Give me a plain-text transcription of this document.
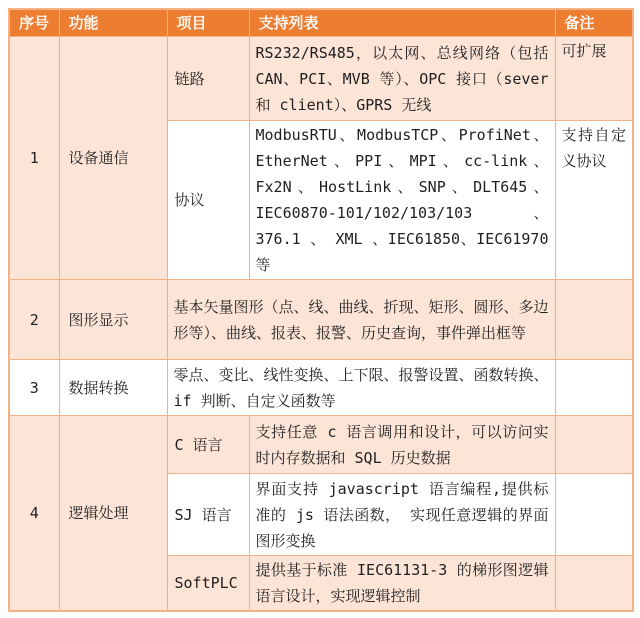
序号	功能	项目	支持列表	备注
1	设备通信	链路	RS232/RS485，以太网、总线网络（包括 CAN、PCI、MVB 等）、OPC 接口（sever 和 client）、GPRS 无线	可扩展
		协议	ModbusRTU、ModbusTCP、ProfiNet、EtherNet、PPI、MPI、cc-link、Fx2N、HostLink、SNP、DLT645、IEC60870-101/102/103/103 、 376.1 、 XML 、IEC61850、IEC61970 等	支持自定义协议
2	图形显示	基本矢量图形（点、线、曲线、折现、矩形、圆形、多边形等）、曲线、报表、报警、历史查询，事件弹出框等		
3	数据转换	零点、变比、线性变换、上下限、报警设置、函数转换、if 判断、自定义函数等		
4	逻辑处理	C 语言	支持任意 c 语言调用和设计，可以访问实时内存数据和 SQL 历史数据	
		SJ 语言	界面支持 javascript 语言编程,提供标准的 js 语法函数， 实现任意逻辑的界面图形变换	
		SoftPLC	提供基于标准 IEC61131-3 的梯形图逻辑语言设计，实现逻辑控制	
